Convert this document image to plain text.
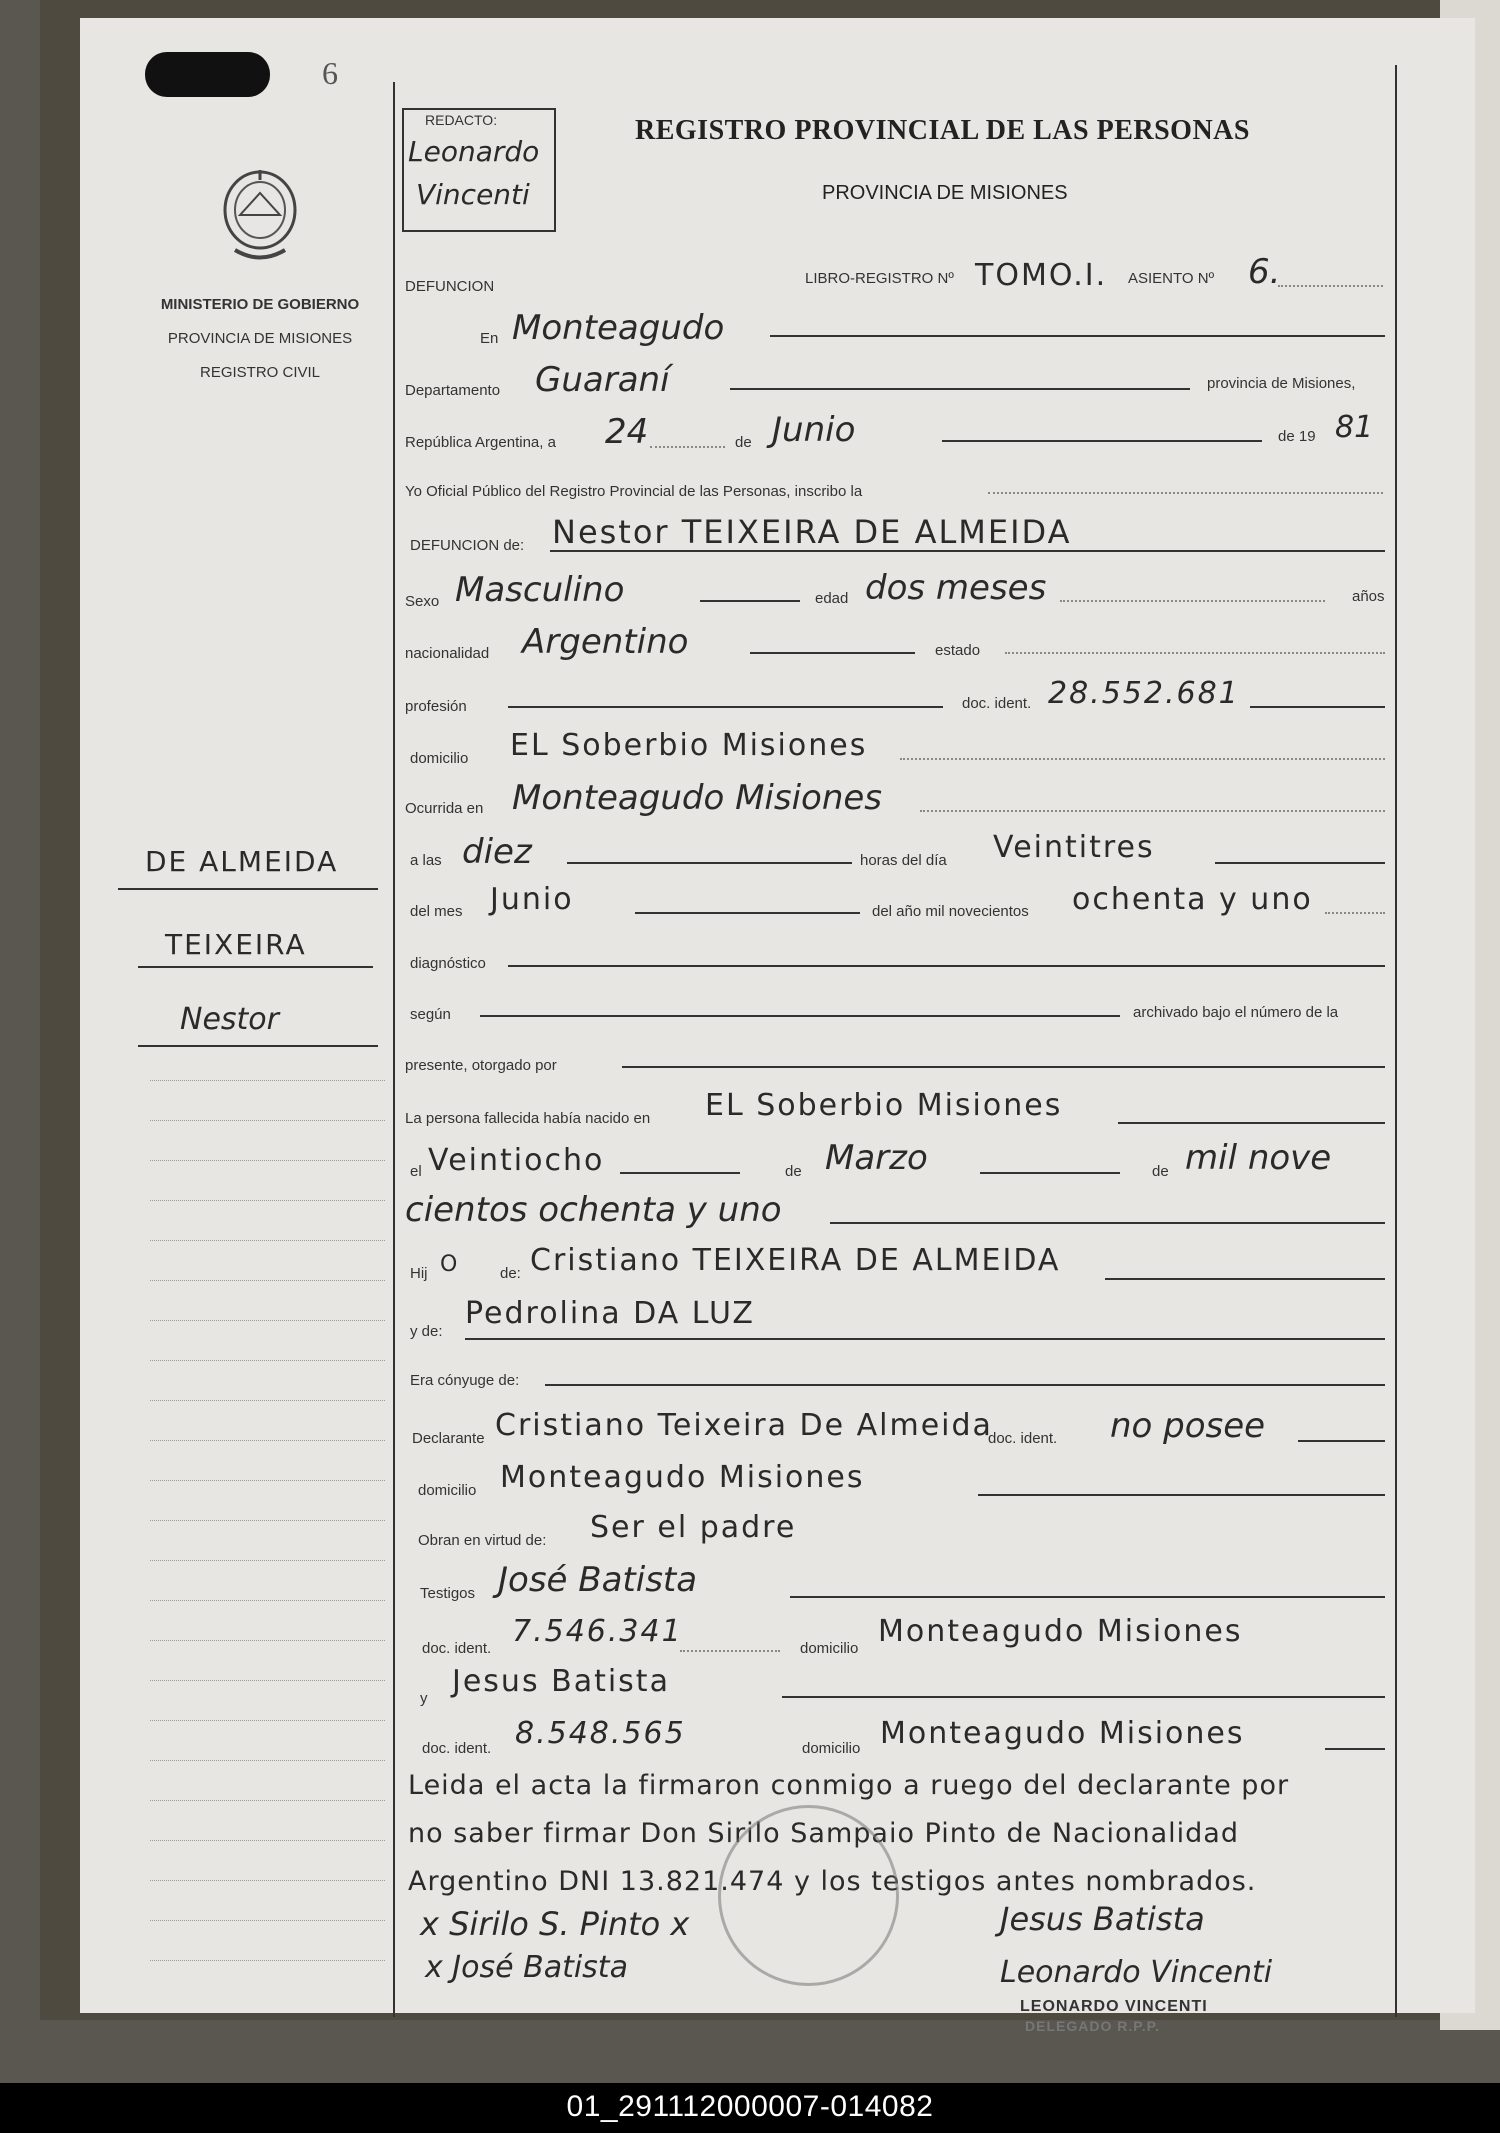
6
MINISTERIO DE GOBIERNO
PROVINCIA DE MISIONES
REGISTRO CIVIL
REDACTO:
Leonardo
Vincenti
REGISTRO PROVINCIAL DE LAS PERSONAS
PROVINCIA DE MISIONES
DEFUNCION	LIBRO-REGISTRO Nº TOMO.I. ASIENTO Nº 6.
En Monteagudo
Departamento Guaraní	provincia de Misiones,
República Argentina, a 24	de Junio	de 19 81
Yo Oficial Público del Registro Provincial de las Personas, inscribo la
DEFUNCION de: Nestor TEIXEIRA DE ALMEIDA
Sexo Masculino	edad dos meses	años
nacionalidad Argentino	estado
profesión	doc. ident. 28.552.681
domicilio EL Soberbio Misiones
Ocurrida en Monteagudo Misiones
a las diez	horas del día Veintitres
del mes Junio	del año mil novecientos ochenta y uno
diagnóstico
según	archivado bajo el número de la
presente, otorgado por
La persona fallecida había nacido en EL Soberbio Misiones
el Veintiocho	de Marzo	de mil nove
cientos ochenta y uno
Hij O	de: Cristiano TEIXEIRA DE ALMEIDA
y de:
Pedrolina DA LUZ
Era cónyuge de:
Declarante Cristiano Teixeira De Almeida
doc. ident. no posee
domicilio Monteagudo Misiones
Obran en virtud de: Ser el padre
Testigos José Batista
doc. ident. 7.546.341	domicilio Monteagudo Misiones
y Jesus Batista
doc. ident. 8.548.565	domicilio Monteagudo Misiones
Leida el acta la firmaron conmigo a ruego del declarante por
no saber firmar Don Sirilo Sampaio Pinto de Nacionalidad
Argentino DNI 13.821.474 y los testigos antes nombrados.
x Sirilo S. Pinto x	Jesus Batista
x José Batista	Leonardo Vincenti
LEONARDO VINCENTI
DELEGADO R.P.P.
DE ALMEIDA
TEIXEIRA
Nestor
01_291112000007-014082
